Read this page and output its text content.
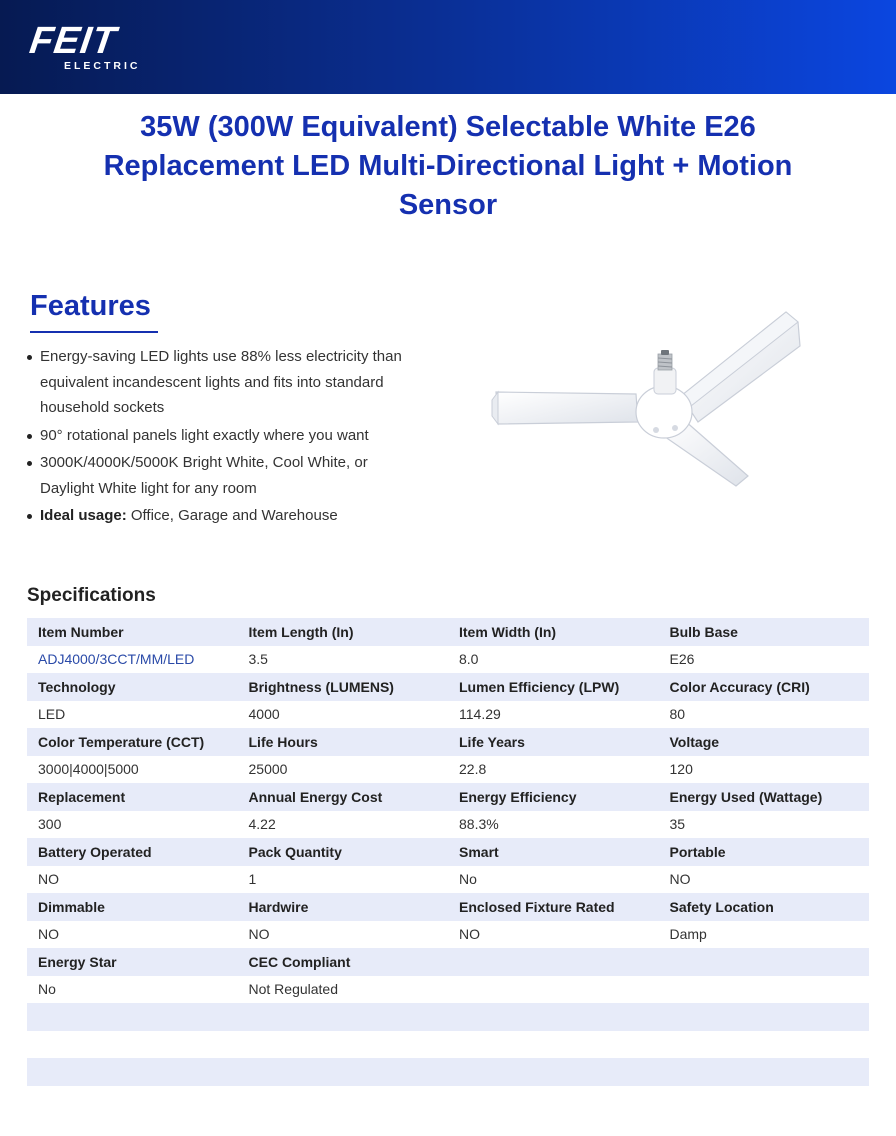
FEIT
ELECTRIC
35W (300W Equivalent) Selectable White E26 Replacement LED Multi-Directional Light + Motion Sensor
Features
Energy-saving LED lights use 88% less electricity than equivalent incandescent lights and fits into standard household sockets
90° rotational panels light exactly where you want
3000K/4000K/5000K Bright White, Cool White, or Daylight White light for any room
Ideal usage: Office, Garage and Warehouse
Specifications
Item Number	Item Length (In)	Item Width (In)	Bulb Base
ADJ4000/3CCT/MM/LED	3.5	8.0	E26
Technology	Brightness (LUMENS)	Lumen Efficiency (LPW)	Color Accuracy (CRI)
LED	4000	114.29	80
Color Temperature (CCT)	Life Hours	Life Years	Voltage
3000|4000|5000	25000	22.8	120
Replacement	Annual Energy Cost	Energy Efficiency	Energy Used (Wattage)
300	4.22	88.3%	35
Battery Operated	Pack Quantity	Smart	Portable
NO	1	No	NO
Dimmable	Hardwire	Enclosed Fixture Rated	Safety Location
NO	NO	NO	Damp
Energy Star	CEC Compliant		
No	Not Regulated		
